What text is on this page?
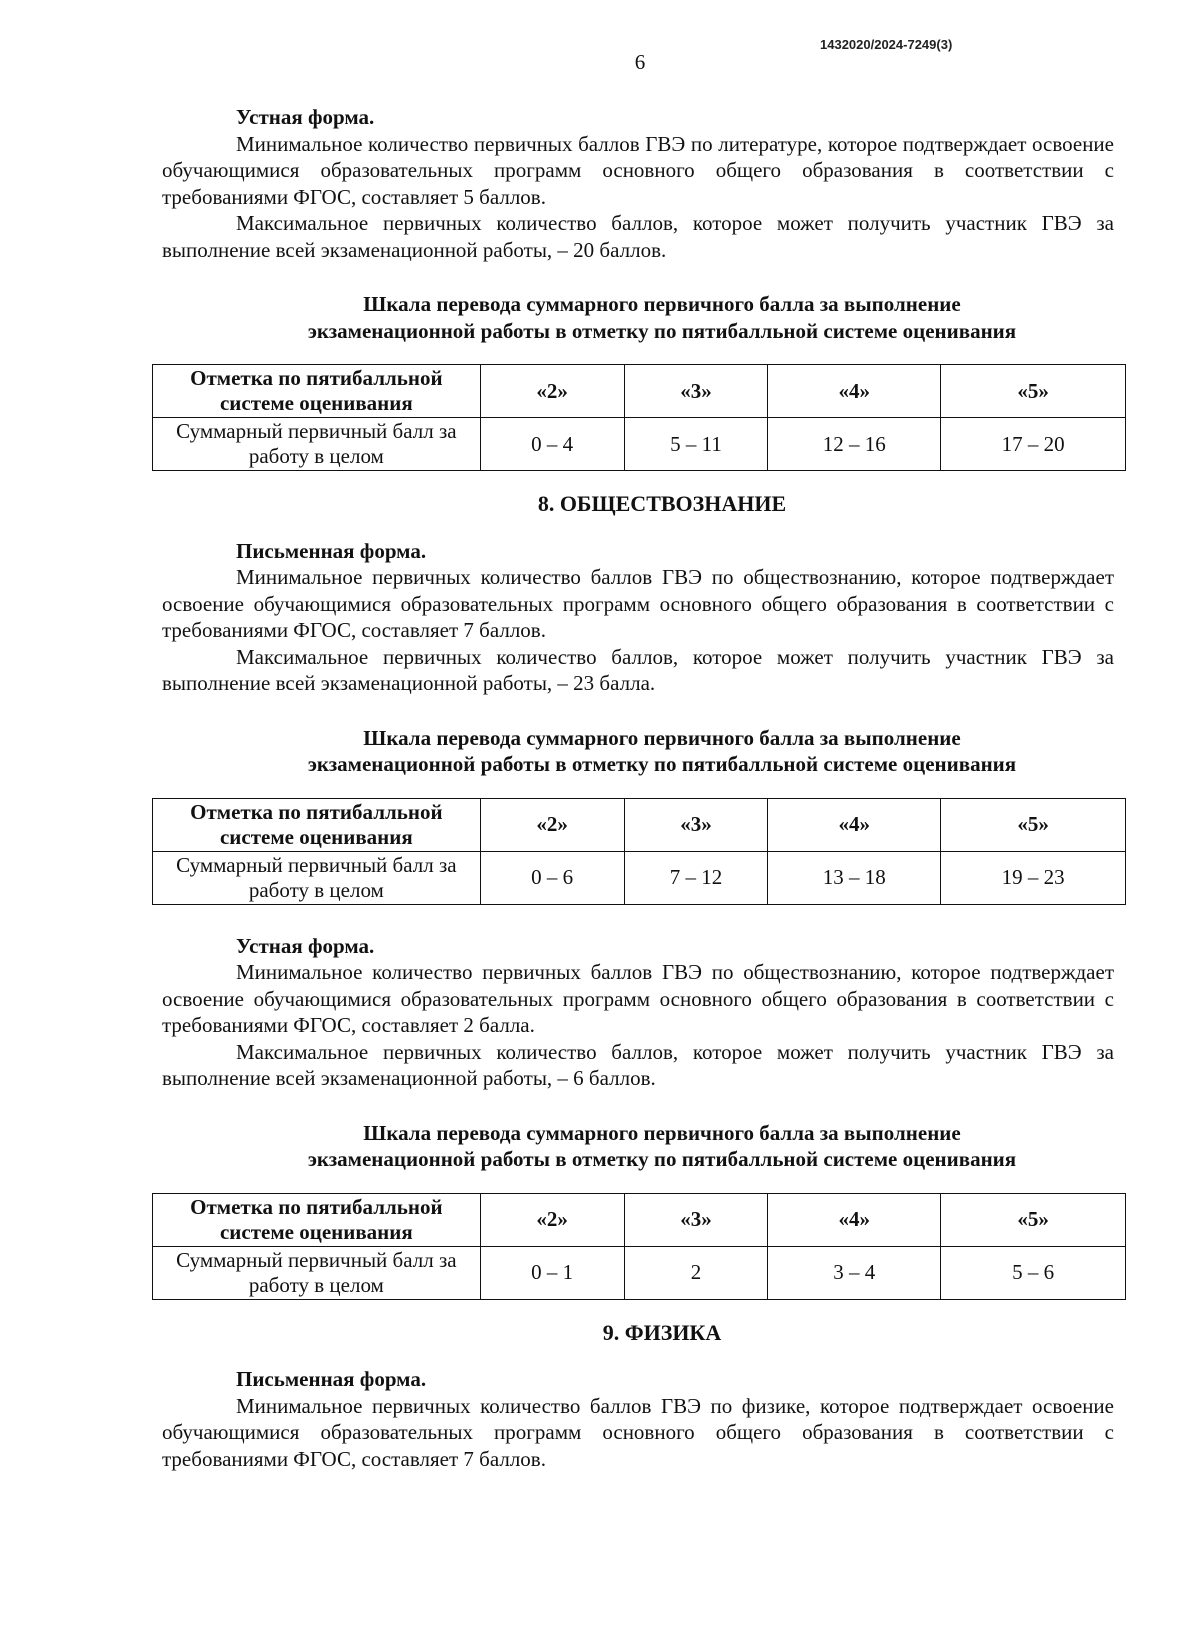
1432020/2024-7249(3)
6
Устная форма.

Минимальное количество первичных баллов ГВЭ по литературе, которое подтверждает освоение обучающимися образовательных программ основного общего образования в соответствии с требованиями ФГОС, составляет 5 баллов.

Максимальное первичных количество баллов, которое может получить участник ГВЭ за выполнение всей экзаменационной работы, – 20 баллов.

Шкала перевода суммарного первичного балла за выполнение
экзаменационной работы в отметку по пятибалльной системе оценивания
Отметка по пятибалльной системе оценивания	«2»	«3»	«4»	«5»
Суммарный первичный балл за работу в целом	0 – 4	5 – 11	12 – 16	17 – 20
8. ОБЩЕСТВОЗНАНИЕ
Письменная форма.

Минимальное первичных количество баллов ГВЭ по обществознанию, которое подтверждает освоение обучающимися образовательных программ основного общего образования в соответствии с требованиями ФГОС, составляет 7 баллов.

Максимальное первичных количество баллов, которое может получить участник ГВЭ за выполнение всей экзаменационной работы, – 23 балла.

Шкала перевода суммарного первичного балла за выполнение
экзаменационной работы в отметку по пятибалльной системе оценивания
Отметка по пятибалльной системе оценивания	«2»	«3»	«4»	«5»
Суммарный первичный балл за работу в целом	0 – 6	7 – 12	13 – 18	19 – 23
Устная форма.

Минимальное количество первичных баллов ГВЭ по обществознанию, которое подтверждает освоение обучающимися образовательных программ основного общего образования в соответствии с требованиями ФГОС, составляет 2 балла.

Максимальное первичных количество баллов, которое может получить участник ГВЭ за выполнение всей экзаменационной работы, – 6 баллов.

Шкала перевода суммарного первичного балла за выполнение
экзаменационной работы в отметку по пятибалльной системе оценивания
Отметка по пятибалльной системе оценивания	«2»	«3»	«4»	«5»
Суммарный первичный балл за работу в целом	0 – 1	2	3 – 4	5 – 6
9. ФИЗИКА
Письменная форма.

Минимальное первичных количество баллов ГВЭ по физике, которое подтверждает освоение обучающимися образовательных программ основного общего образования в соответствии с требованиями ФГОС, составляет 7 баллов.
